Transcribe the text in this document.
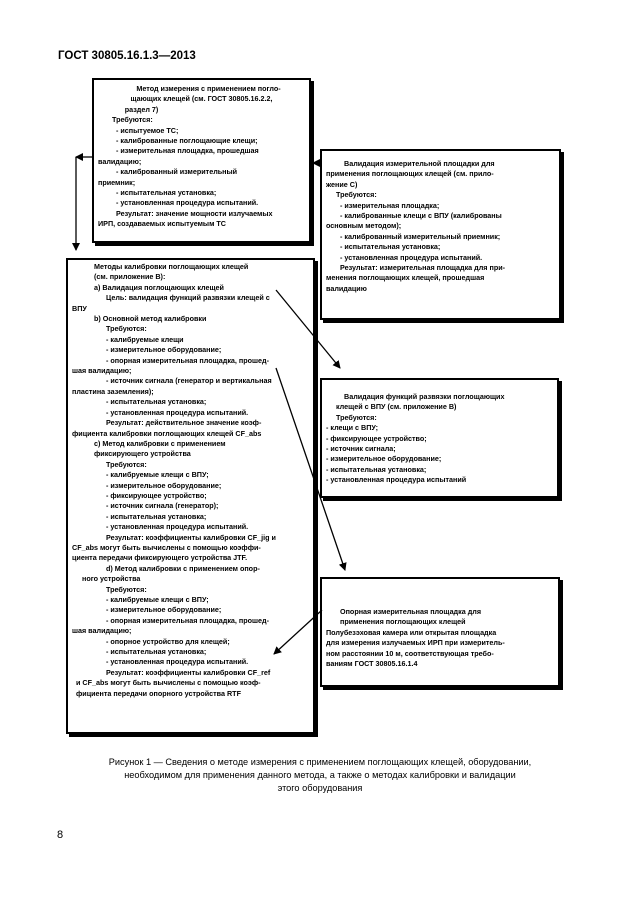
ГОСТ 30805.16.1.3—2013

Метод измерения с применением погло-

щающих клещей (см. ГОСТ 30805.16.2.2,

раздел 7)

Требуются:

- испытуемое ТС;

- калиброванные поглощающие клещи;

- измерительная площадка, прошедшая

валидацию;

- калиброванный измерительный

приемник;

- испытательная установка;

- установленная процедура испытаний.

Результат: значение мощности излучаемых

ИРП, создаваемых испытуемым ТС

Валидация измерительной площадки для

применения поглощающих клещей (см. прило-

жение С)

Требуются:

- измерительная площадка;

- калиброванные клещи с ВПУ (калиброваны

основным методом);

- калиброванный измерительный приемник;

- испытательная установка;

- установленная процедура испытаний.

Результат: измерительная площадка для при-

менения поглощающих клещей, прошедшая

валидацию

Методы калибровки поглощающих клещей

(см. приложение В):

a) Валидация поглощающих клещей

Цель: валидация функций развязки клещей с

ВПУ

b) Основной метод калибровки

Требуются:

- калибруемые клещи

- измерительное оборудование;

- опорная измерительная площадка, прошед-

шая валидацию;

- источник сигнала (генератор и вертикальная

пластина заземления);

- испытательная установка;

- установленная процедура испытаний.

Результат: действительное значение коэф-

фициента калибровки поглощающих клещей CF_abs

c) Метод калибровки с применением

фиксирующего устройства

Требуются:

- калибруемые клещи с ВПУ;

- измерительное оборудование;

- фиксирующее устройство;

- источник сигнала (генератор);

- испытательная установка;

- установленная процедура испытаний.

Результат: коэффициенты калибровки CF_jig и

CF_abs могут быть вычислены с помощью коэффи-

циента передачи фиксирующего устройства JTF.

d) Метод калибровки с применением опор-

ного устройства

Требуются:

- калибруемые клещи с ВПУ;

- измерительное оборудование;

- опорная измерительная площадка, прошед-

шая валидацию;

- опорное устройство для клещей;

- испытательная установка;

- установленная процедура испытаний.

Результат: коэффициенты калибровки CF_ref

и CF_abs могут быть вычислены с помощью коэф-

фициента передачи опорного устройства RTF

Валидация функций развязки поглощающих

клещей с ВПУ (см. приложение В)

Требуются:

- клещи с ВПУ;

- фиксирующее устройство;

- источник сигнала;

- измерительное оборудование;

- испытательная установка;

- установленная процедура испытаний

Опорная измерительная площадка для

применения поглощающих клещей

Полубезэховая камера или открытая площадка

для измерения излучаемых ИРП при измеритель-

ном расстоянии 10 м, соответствующая требо-

ваниям ГОСТ 30805.16.1.4

Рисунок 1 — Сведения о методе измерения с применением поглощающих клещей, оборудовании,

необходимом для применения данного метода, а также о методах калибровки и валидации

этого оборудования

8
